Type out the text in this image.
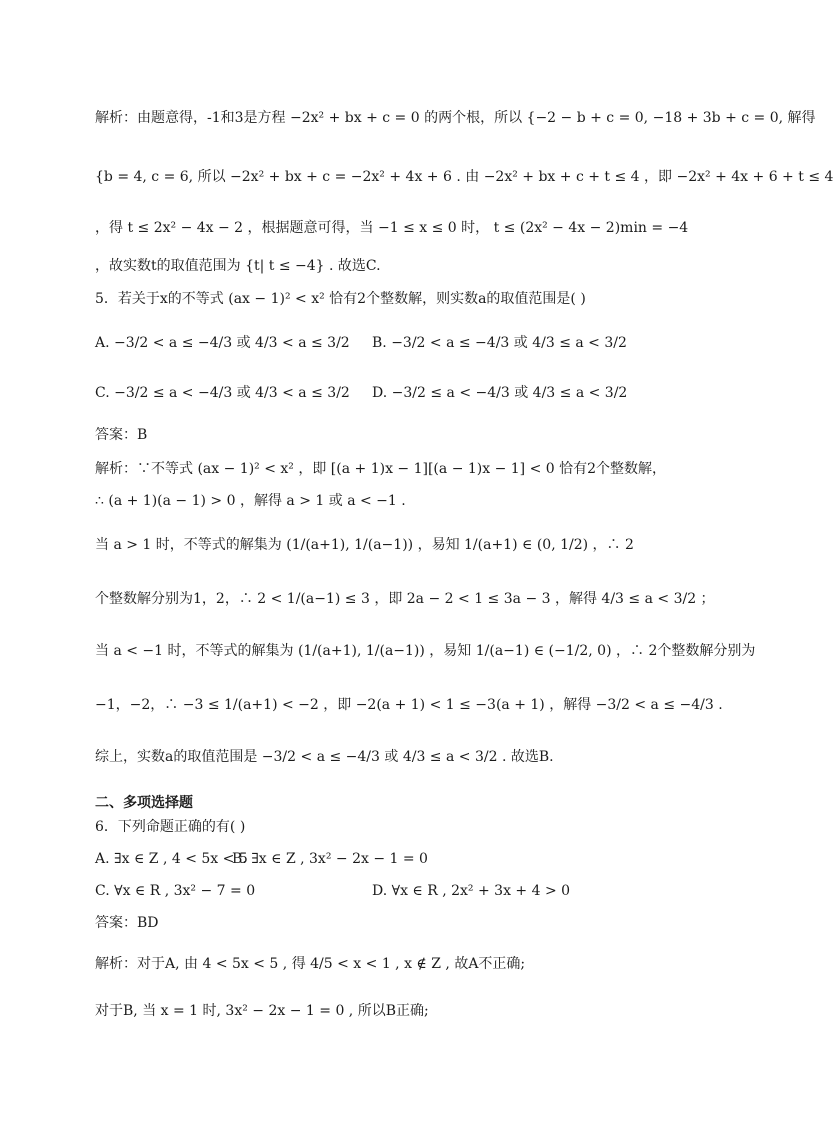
解析：由题意得，-1和3是方程 −2x² + bx + c = 0 的两个根，所以 {−2 − b + c = 0, −18 + 3b + c = 0, 解得
{b = 4, c = 6, 所以 −2x² + bx + c = −2x² + 4x + 6 . 由 −2x² + bx + c + t ≤ 4 ，即 −2x² + 4x + 6 + t ≤ 4
，得 t ≤ 2x² − 4x − 2 ，根据题意可得，当 −1 ≤ x ≤ 0 时， t ≤ (2x² − 4x − 2)min = −4
，故实数t的取值范围为 {t| t ≤ −4} . 故选C.
5．若关于x的不等式 (ax − 1)² < x² 恰有2个整数解，则实数a的取值范围是( )
A. −3/2 < a ≤ −4/3 或 4/3 < a ≤ 3/2	B. −3/2 < a ≤ −4/3 或 4/3 ≤ a < 3/2
C. −3/2 ≤ a < −4/3 或 4/3 < a ≤ 3/2	D. −3/2 ≤ a < −4/3 或 4/3 ≤ a < 3/2
答案：B
解析：∵不等式 (ax − 1)² < x² ，即 [(a + 1)x − 1][(a − 1)x − 1] < 0 恰有2个整数解，
∴ (a + 1)(a − 1) > 0 ，解得 a > 1 或 a < −1 .
当 a > 1 时，不等式的解集为 (1/(a+1), 1/(a−1)) ，易知 1/(a+1) ∈ (0, 1/2) ，∴ 2
个整数解分别为1，2，∴ 2 < 1/(a−1) ≤ 3 ，即 2a − 2 < 1 ≤ 3a − 3 ，解得 4/3 ≤ a < 3/2 ；
当 a < −1 时，不等式的解集为 (1/(a+1), 1/(a−1)) ，易知 1/(a−1) ∈ (−1/2, 0) ，∴ 2个整数解分别为
−1，−2，∴ −3 ≤ 1/(a+1) < −2 ，即 −2(a + 1) < 1 ≤ −3(a + 1) ，解得 −3/2 < a ≤ −4/3 .
综上，实数a的取值范围是 −3/2 < a ≤ −4/3 或 4/3 ≤ a < 3/2 . 故选B.
二、多项选择题
6．下列命题正确的有( )
A. ∃x ∈ Z , 4 < 5x < 5
B. ∃x ∈ Z , 3x² − 2x − 1 = 0
C. ∀x ∈ R , 3x² − 7 = 0	D. ∀x ∈ R , 2x² + 3x + 4 > 0
答案：BD
解析：对于A, 由 4 < 5x < 5 , 得 4/5 < x < 1 , x ∉ Z , 故A不正确;
对于B, 当 x = 1 时, 3x² − 2x − 1 = 0 , 所以B正确;
